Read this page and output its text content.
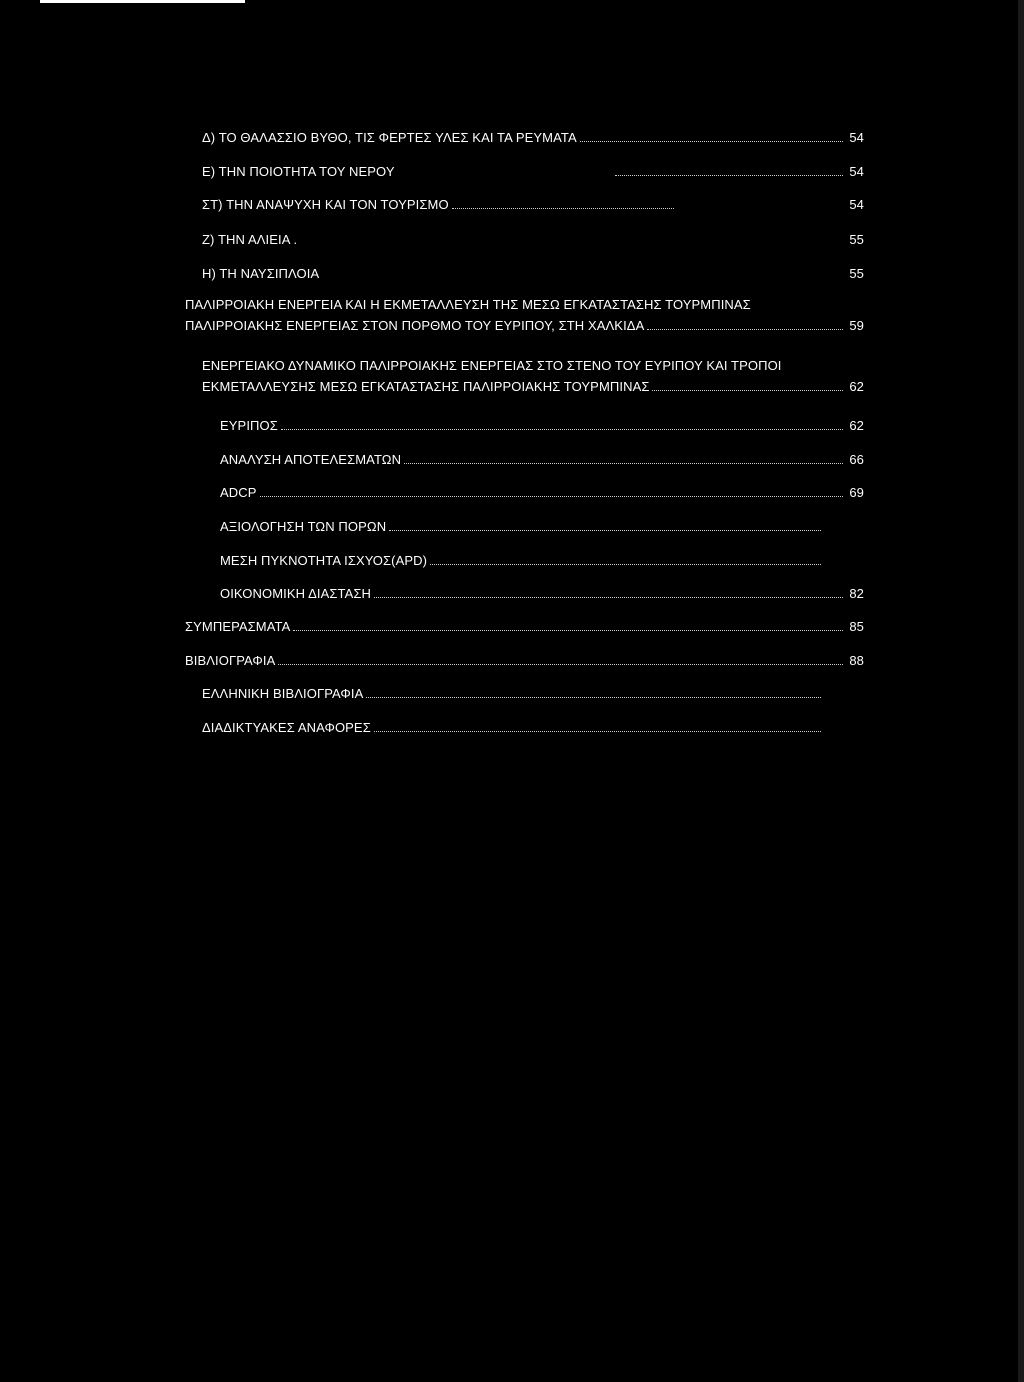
Δ) ΤΟ ΘΑΛΑΣΣΙΟ ΒΥΘΟ, ΤΙΣ ΦΕΡΤΕΣ ΥΛΕΣ ΚΑΙ ΤΑ ΡΕΥΜΑΤΑ	54
Ε) ΤΗΝ ΠΟΙΟΤΗΤΑ ΤΟΥ ΝΕΡΟΥ	54
ΣΤ) ΤΗΝ ΑΝΑΨΥΧΗ ΚΑΙ ΤΟΝ ΤΟΥΡΙΣΜΟ	54
Ζ) ΤΗΝ ΑΛΙΕΙΑ .	55
Η) ΤΗ ΝΑΥΣΙΠΛΟΙΑ	55
ΠΑΛΙΡΡΟΙΑΚΗ ΕΝΕΡΓΕΙΑ ΚΑΙ Η ΕΚΜΕΤΑΛΛΕΥΣΗ ΤΗΣ ΜΕΣΩ ΕΓΚΑΤΑΣΤΑΣΗΣ ΤΟΥΡΜΠΙΝΑΣ
ΠΑΛΙΡΡΟΙΑΚΗΣ ΕΝΕΡΓΕΙΑΣ ΣΤΟΝ ΠΟΡΘΜΟ ΤΟΥ ΕΥΡΙΠΟΥ, ΣΤΗ ΧΑΛΚΙΔΑ	59
ΕΝΕΡΓΕΙΑΚΟ ΔΥΝΑΜΙΚΟ ΠΑΛΙΡΡΟΙΑΚΗΣ ΕΝΕΡΓΕΙΑΣ ΣΤΟ ΣΤΕΝΟ ΤΟΥ ΕΥΡΙΠΟΥ ΚΑΙ ΤΡΟΠΟΙ
ΕΚΜΕΤΑΛΛΕΥΣΗΣ ΜΕΣΩ ΕΓΚΑΤΑΣΤΑΣΗΣ ΠΑΛΙΡΡΟΙΑΚΗΣ ΤΟΥΡΜΠΙΝΑΣ	62
ΕΥΡΙΠΟΣ	62
ΑΝΑΛΥΣΗ ΑΠΟΤΕΛΕΣΜΑΤΩΝ	66
ADCP	69
ΑΞΙΟΛΟΓΗΣΗ ΤΩΝ ΠΟΡΩΝ
ΜΕΣΗ ΠΥΚΝΟΤΗΤΑ ΙΣΧΥΟΣ(APD)
ΟΙΚΟΝΟΜΙΚΗ ΔΙΑΣΤΑΣΗ	82
ΣΥΜΠΕΡΑΣΜΑΤΑ	85
ΒΙΒΛΙΟΓΡΑΦΙΑ	88
ΕΛΛΗΝΙΚΗ ΒΙΒΛΙΟΓΡΑΦΙΑ
ΔΙΑΔΙΚΤΥΑΚΕΣ ΑΝΑΦΟΡΕΣ
